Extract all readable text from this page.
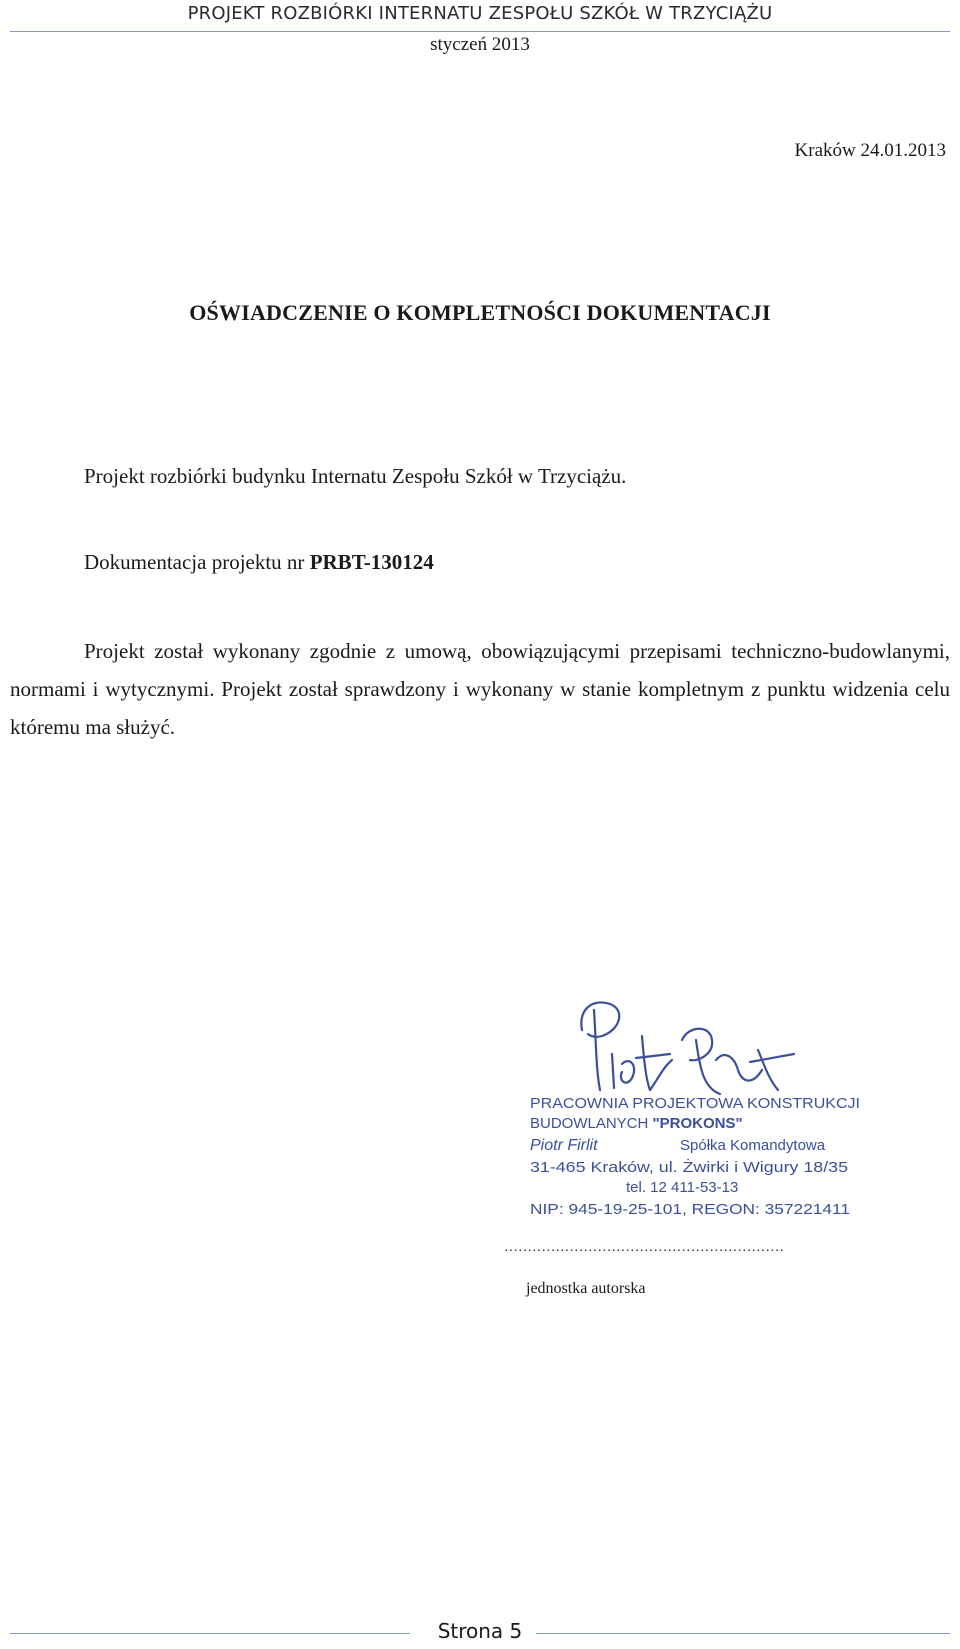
PROJEKT ROZBIÓRKI INTERNATU ZESPOŁU SZKÓŁ W TRZYCIĄŻU
styczeń 2013
Kraków 24.01.2013
OŚWIADCZENIE O KOMPLETNOŚCI DOKUMENTACJI
Projekt rozbiórki budynku Internatu Zespołu Szkół w Trzyciążu.
Dokumentacja projektu nr PRBT-130124
Projekt został wykonany zgodnie z umową, obowiązującymi przepisami techniczno-budowlanymi, normami i wytycznymi. Projekt został sprawdzony i wykonany w stanie kompletnym z punktu widzenia celu któremu ma służyć.
PRACOWNIA PROJEKTOWA KONSTRUKCJI
BUDOWLANYCH "PROKONS"
Piotr Firlit	Spółka Komandytowa
31-465 Kraków, ul. Żwirki i Wigury 18/35
tel. 12 411-53-13
NIP: 945-19-25-101, REGON: 357221411
……………………………………………………
jednostka autorska
Strona 5
